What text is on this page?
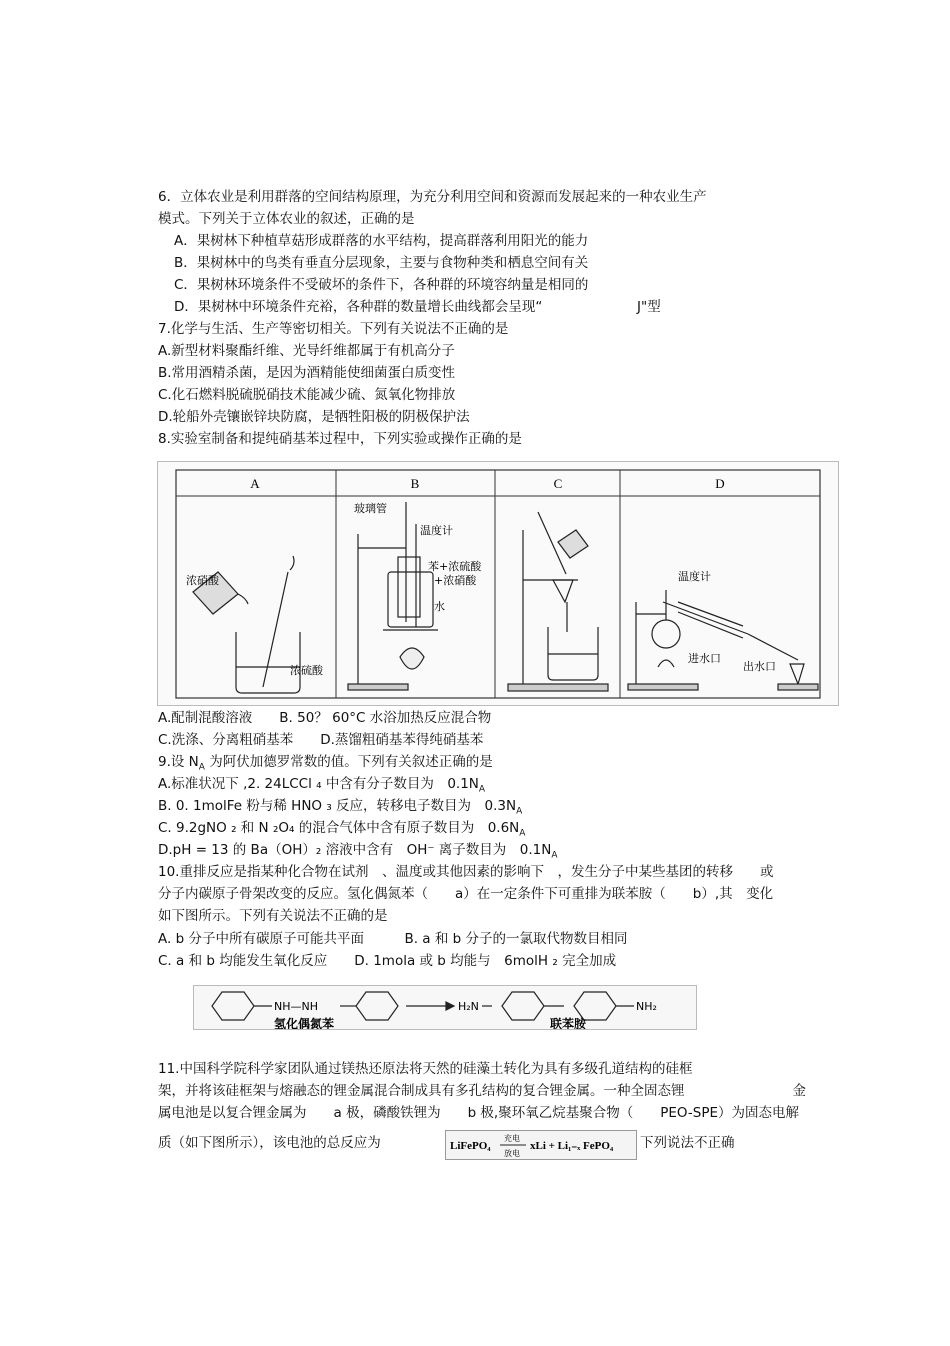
6．立体农业是利用群落的空间结构原理，为充分利用空间和资源而发展起来的一种农业生产
模式。下列关于立体农业的叙述，正确的是
A．果树林下种植草菇形成群落的水平结构，提高群落利用阳光的能力
B．果树林中的鸟类有垂直分层现象，主要与食物种类和栖息空间有关
C．果树林环境条件不受破坏的条件下，各种群的环境容纳量是相同的
D．果树林中环境条件充裕，各种群的数量增长曲线都会呈现“	J"型
7.化学与生活、生产等密切相关。下列有关说法不正确的是
A.新型材料聚酯纤维、光导纤维都属于有机高分子
B.常用酒精杀菌，是因为酒精能使细菌蛋白质变性
C.化石燃料脱硫脱硝技术能减少硫、氮氧化物排放
D.轮船外壳镶嵌锌块防腐，是牺牲阳极的阴极保护法
8.实验室制备和提纯硝基苯过程中，下列实验或操作正确的是
A	B	C	D
浓硝酸
浓硫酸
玻璃管
温度计
苯+浓硫酸
+浓硝酸
水
温度计
进水口
出水口
A.配制混酸溶液　　B. 50？ 60°C 水浴加热反应混合物
C.洗涤、分离粗硝基苯　　D.蒸馏粗硝基苯得纯硝基苯
9.设 $N_A$ 为阿伏加德罗常数的值。下列有关叙述正确的是
A.标准状况下 ,2. 24LCCl ₄ 中含有分子数目为　$0.1N_A$
B. 0. 1molFe 粉与稀 HNO ₃ 反应，转移电子数目为　$0.3N_A$
C. 9.2gNO ₂ 和 N ₂O₄ 的混合气体中含有原子数目为　$0.6N_A$
D.pH = 13 的 Ba（OH）₂ 溶液中含有　OH⁻ 离子数目为　$0.1N_A$
10.重排反应是指某种化合物在试剂　、温度或其他因素的影响下　，发生分子中某些基团的转移　　或
分子内碳原子骨架改变的反应。氢化偶氮苯（　　a）在一定条件下可重排为联苯胺（　　b）,其　变化
如下图所示。下列有关说法不正确的是
A. b 分子中所有碳原子可能共平面　　　B. a 和 b 分子的一氯取代物数目相同
C. a 和 b 均能发生氧化反应　　D. 1mola 或 b 均能与　6molH ₂ 完全加成
NH—NH	H₂N	NH₂
氢化偶氮苯	联苯胺
11.中国科学院科学家团队通过镁热还原法将天然的硅藻土转化为具有多级孔道结构的硅框
架，并将该硅框架与熔融态的锂金属混合制成具有多孔结构的复合锂金属。一种全固态锂　　　　　　　　金
属电池是以复合锂金属为　　a 极，磷酸铁锂为　　b 极,聚环氧乙烷基聚合物（　　PEO-SPE）为固态电解
质（如下图所示），该电池的总反应为	LiFePO₄
充电
放电
xLi + Li₁₋ₓ FePO₄ 下列说法不正确
